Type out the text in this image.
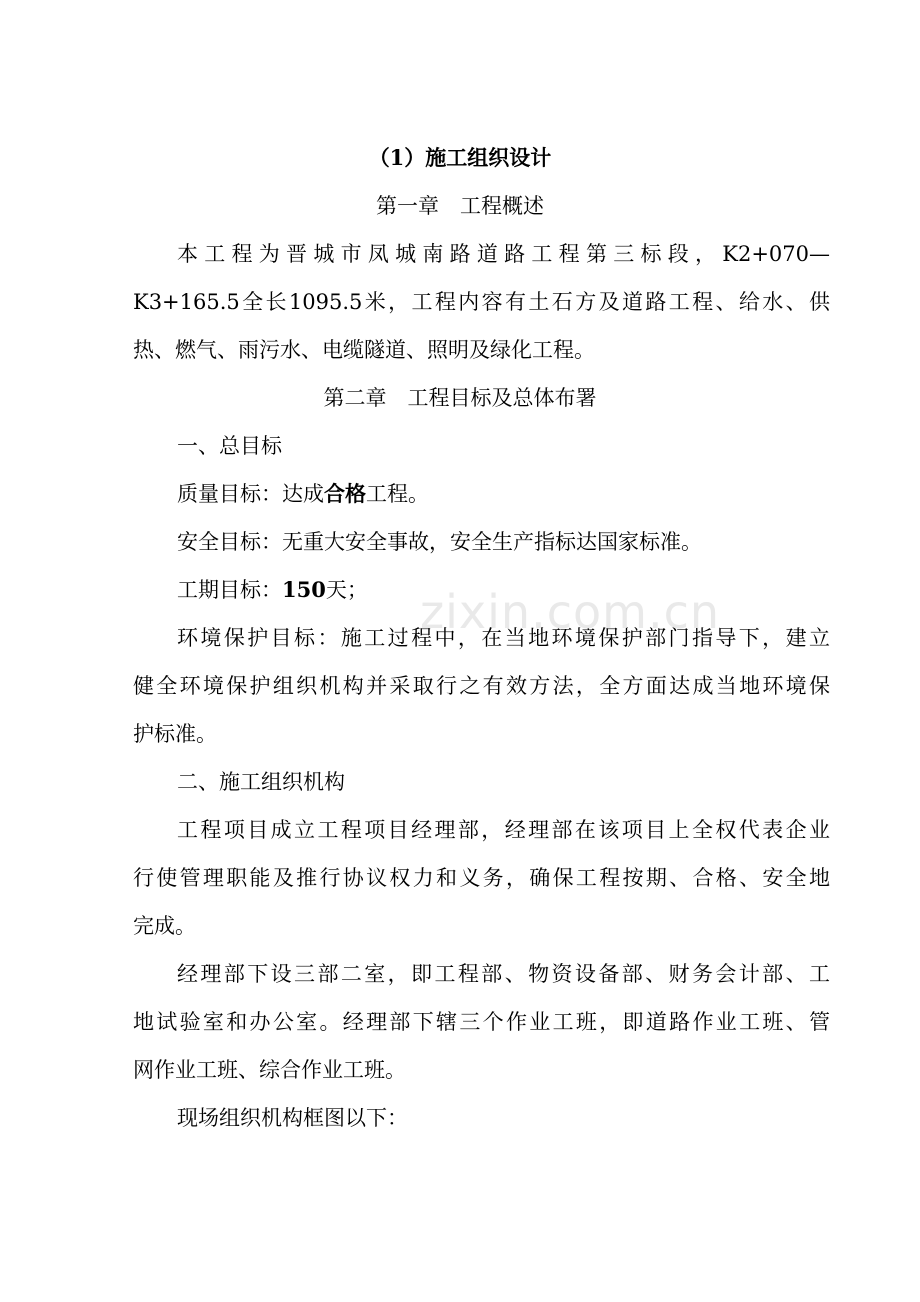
（1）施工组织设计
第一章　工程概述
本工程为晋城市凤城南路道路工程第三标段，K2+070—
K3+165.5全长1095.5米，工程内容有土石方及道路工程、给水、供
热、燃气、雨污水、电缆隧道、照明及绿化工程。
第二章　工程目标及总体布署
一、总目标
质量目标：达成合格工程。
安全目标：无重大安全事故，安全生产指标达国家标准。
工期目标：150天；
环境保护目标：施工过程中，在当地环境保护部门指导下，建立
健全环境保护组织机构并采取行之有效方法，全方面达成当地环境保
护标准。
二、施工组织机构
工程项目成立工程项目经理部，经理部在该项目上全权代表企业
行使管理职能及推行协议权力和义务，确保工程按期、合格、安全地
完成。
经理部下设三部二室，即工程部、物资设备部、财务会计部、工
地试验室和办公室。经理部下辖三个作业工班，即道路作业工班、管
网作业工班、综合作业工班。
现场组织机构框图以下：
zixin.com.cn
